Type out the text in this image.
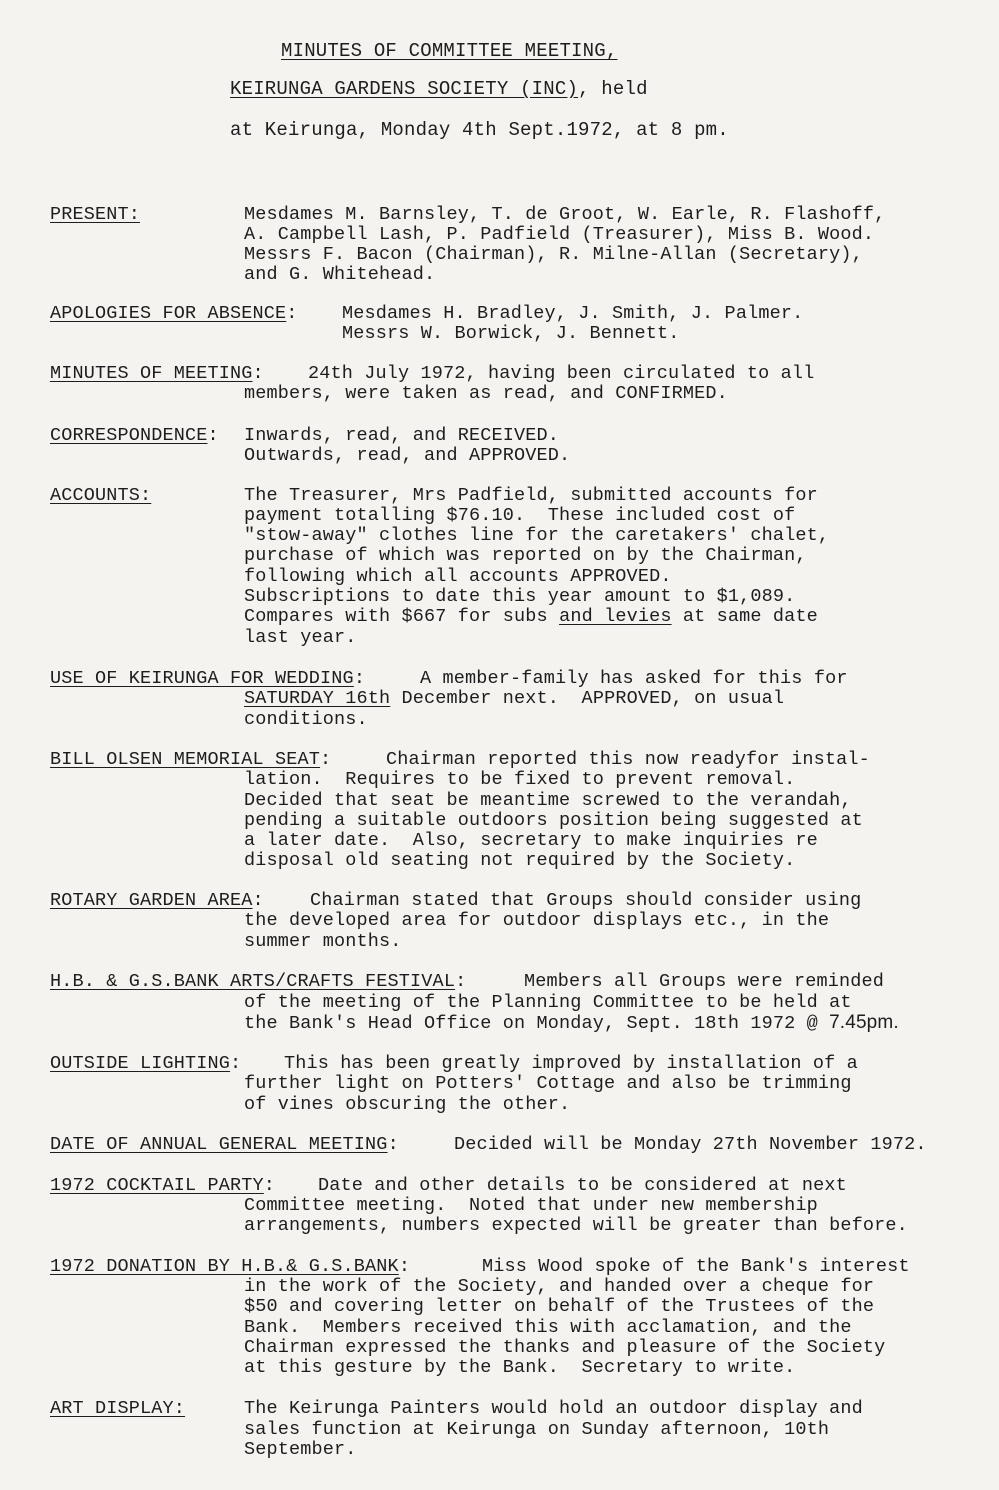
MINUTES OF COMMITTEE MEETING,
KEIRUNGA GARDENS SOCIETY (INC), held
at Keirunga, Monday 4th Sept.1972, at 8 pm.
PRESENT:	Mesdames M. Barnsley, T. de Groot, W. Earle, R. Flashoff,
A. Campbell Lash, P. Padfield (Treasurer), Miss B. Wood.
Messrs F. Bacon (Chairman), R. Milne-Allan (Secretary),
and G. Whitehead.
APOLOGIES FOR ABSENCE: Mesdames H. Bradley, J. Smith, J. Palmer.
Messrs W. Borwick, J. Bennett.
MINUTES OF MEETING: 24th July 1972, having been circulated to all
members, were taken as read, and CONFIRMED.
CORRESPONDENCE: Inwards, read, and RECEIVED.
Outwards, read, and APPROVED.
ACCOUNTS:	The Treasurer, Mrs Padfield, submitted accounts for
payment totalling $76.10.  These included cost of
"stow-away" clothes line for the caretakers' chalet,
purchase of which was reported on by the Chairman,
following which all accounts APPROVED.
Subscriptions to date this year amount to $1,089.
Compares with $667 for subs and levies at same date
last year.
USE OF KEIRUNGA FOR WEDDING:	A member-family has asked for this for
SATURDAY 16th December next.  APPROVED, on usual
conditions.
BILL OLSEN MEMORIAL SEAT:	Chairman reported this now readyfor instal-
lation.  Requires to be fixed to prevent removal.
Decided that seat be meantime screwed to the verandah,
pending a suitable outdoors position being suggested at
a later date.  Also, secretary to make inquiries re
disposal old seating not required by the Society.
ROTARY GARDEN AREA: Chairman stated that Groups should consider using
the developed area for outdoor displays etc., in the
summer months.
H.B. & G.S.BANK ARTS/CRAFTS FESTIVAL:	Members all Groups were reminded
of the meeting of the Planning Committee to be held at
the Bank's Head Office on Monday, Sept. 18th 1972 @ 7.45pm.
OUTSIDE LIGHTING: This has been greatly improved by installation of a
further light on Potters' Cottage and also be trimming
of vines obscuring the other.
DATE OF ANNUAL GENERAL MEETING:	Decided will be Monday 27th November 1972.
1972 COCKTAIL PARTY: Date and other details to be considered at next
Committee meeting.  Noted that under new membership
arrangements, numbers expected will be greater than before.
1972 DONATION BY H.B.& G.S.BANK:	Miss Wood spoke of the Bank's interest
in the work of the Society, and handed over a cheque for
$50 and covering letter on behalf of the Trustees of the
Bank.  Members received this with acclamation, and the
Chairman expressed the thanks and pleasure of the Society
at this gesture by the Bank.  Secretary to write.
ART DISPLAY:	The Keirunga Painters would hold an outdoor display and
sales function at Keirunga on Sunday afternoon, 10th
September.
